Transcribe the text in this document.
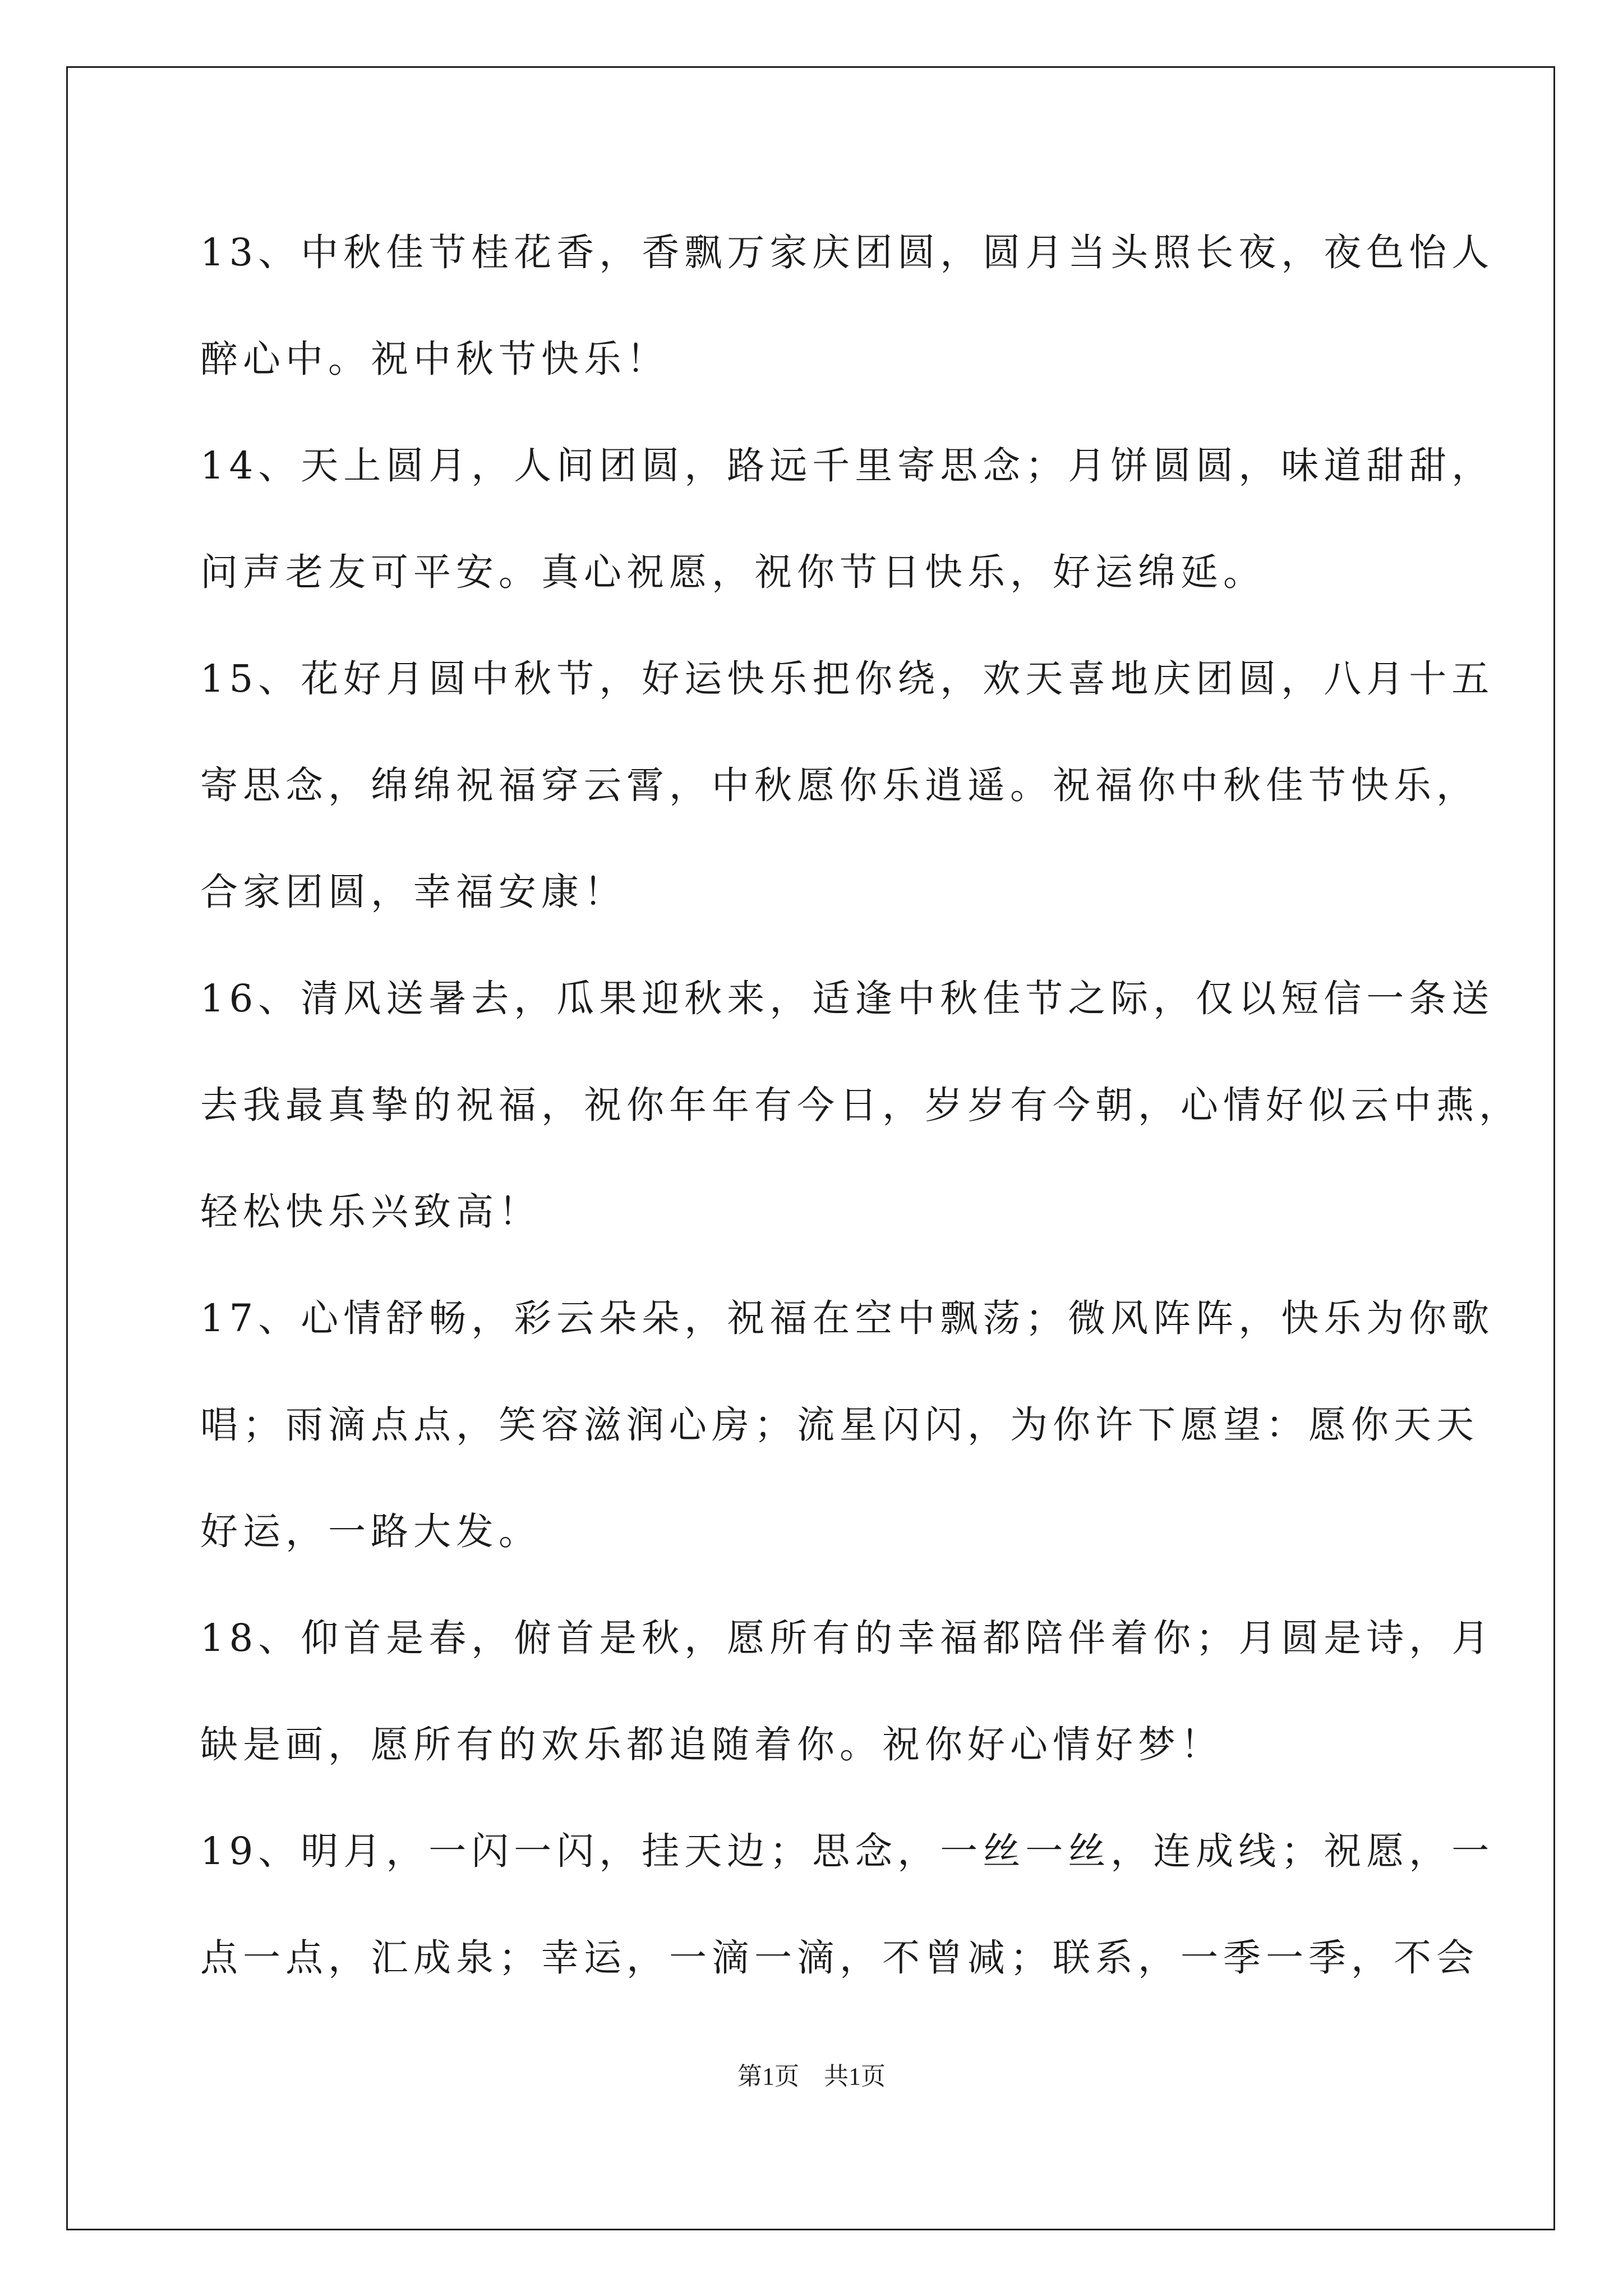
13、中秋佳节桂花香，香飘万家庆团圆，圆月当头照长夜，夜色怡人
醉心中。祝中秋节快乐！
14、天上圆月，人间团圆，路远千里寄思念；月饼圆圆，味道甜甜，
问声老友可平安。真心祝愿，祝你节日快乐，好运绵延。
15、花好月圆中秋节，好运快乐把你绕，欢天喜地庆团圆，八月十五
寄思念，绵绵祝福穿云霄，中秋愿你乐逍遥。祝福你中秋佳节快乐，
合家团圆，幸福安康！
16、清风送暑去，瓜果迎秋来，适逢中秋佳节之际，仅以短信一条送
去我最真挚的祝福，祝你年年有今日，岁岁有今朝，心情好似云中燕，
轻松快乐兴致高！
17、心情舒畅，彩云朵朵，祝福在空中飘荡；微风阵阵，快乐为你歌
唱；雨滴点点，笑容滋润心房；流星闪闪，为你许下愿望：愿你天天
好运，一路大发。
18、仰首是春，俯首是秋，愿所有的幸福都陪伴着你；月圆是诗，月
缺是画，愿所有的欢乐都追随着你。祝你好心情好梦！
19、明月，一闪一闪，挂天边；思念，一丝一丝，连成线；祝愿，一
点一点，汇成泉；幸运，一滴一滴，不曾减；联系，一季一季，不会
第1页　共1页
